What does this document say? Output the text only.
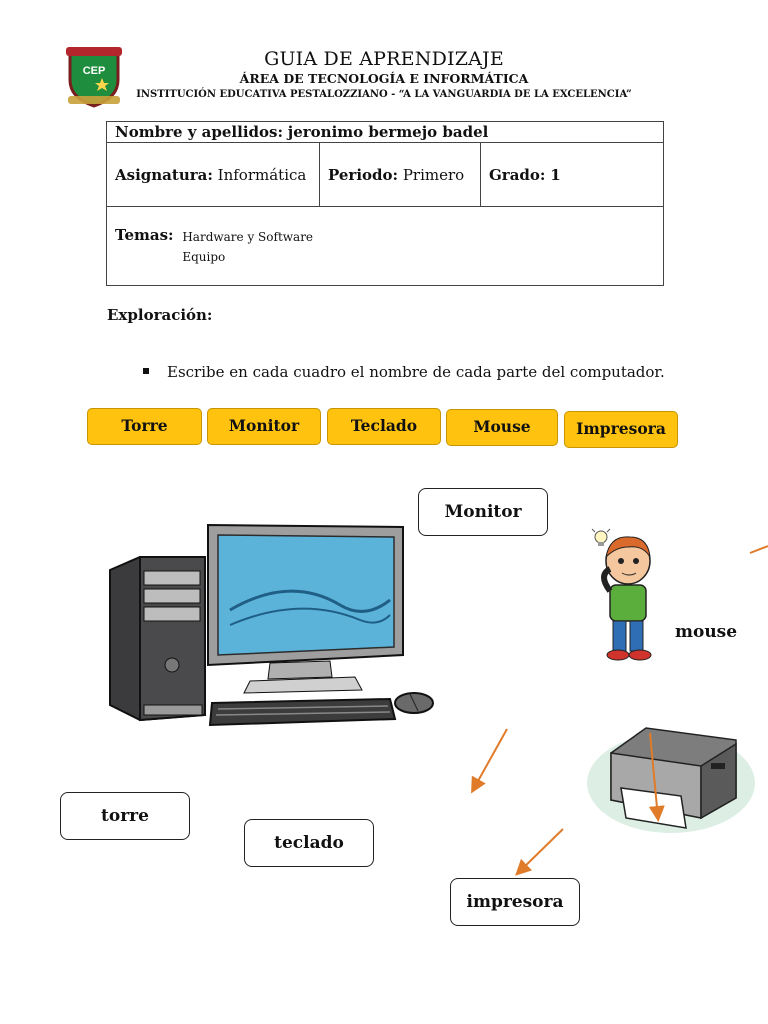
CEP
GUIA DE APRENDIZAJE
ÁREA DE TECNOLOGÍA E INFORMÁTICA
INSTITUCIÓN EDUCATIVA PESTALOZZIANO - “A LA VANGUARDIA DE LA EXCELENCIA”
Nombre y apellidos: jeronimo bermejo badel
Asignatura: Informática	Periodo: Primero	Grado: 1
Temas: Hardware y Software
Equipo
Exploración:
Escribe en cada cuadro el nombre de cada parte del computador.
Torre	Monitor	Teclado	Mouse	Impresora
Monitor
mouse
torre
teclado
impresora
